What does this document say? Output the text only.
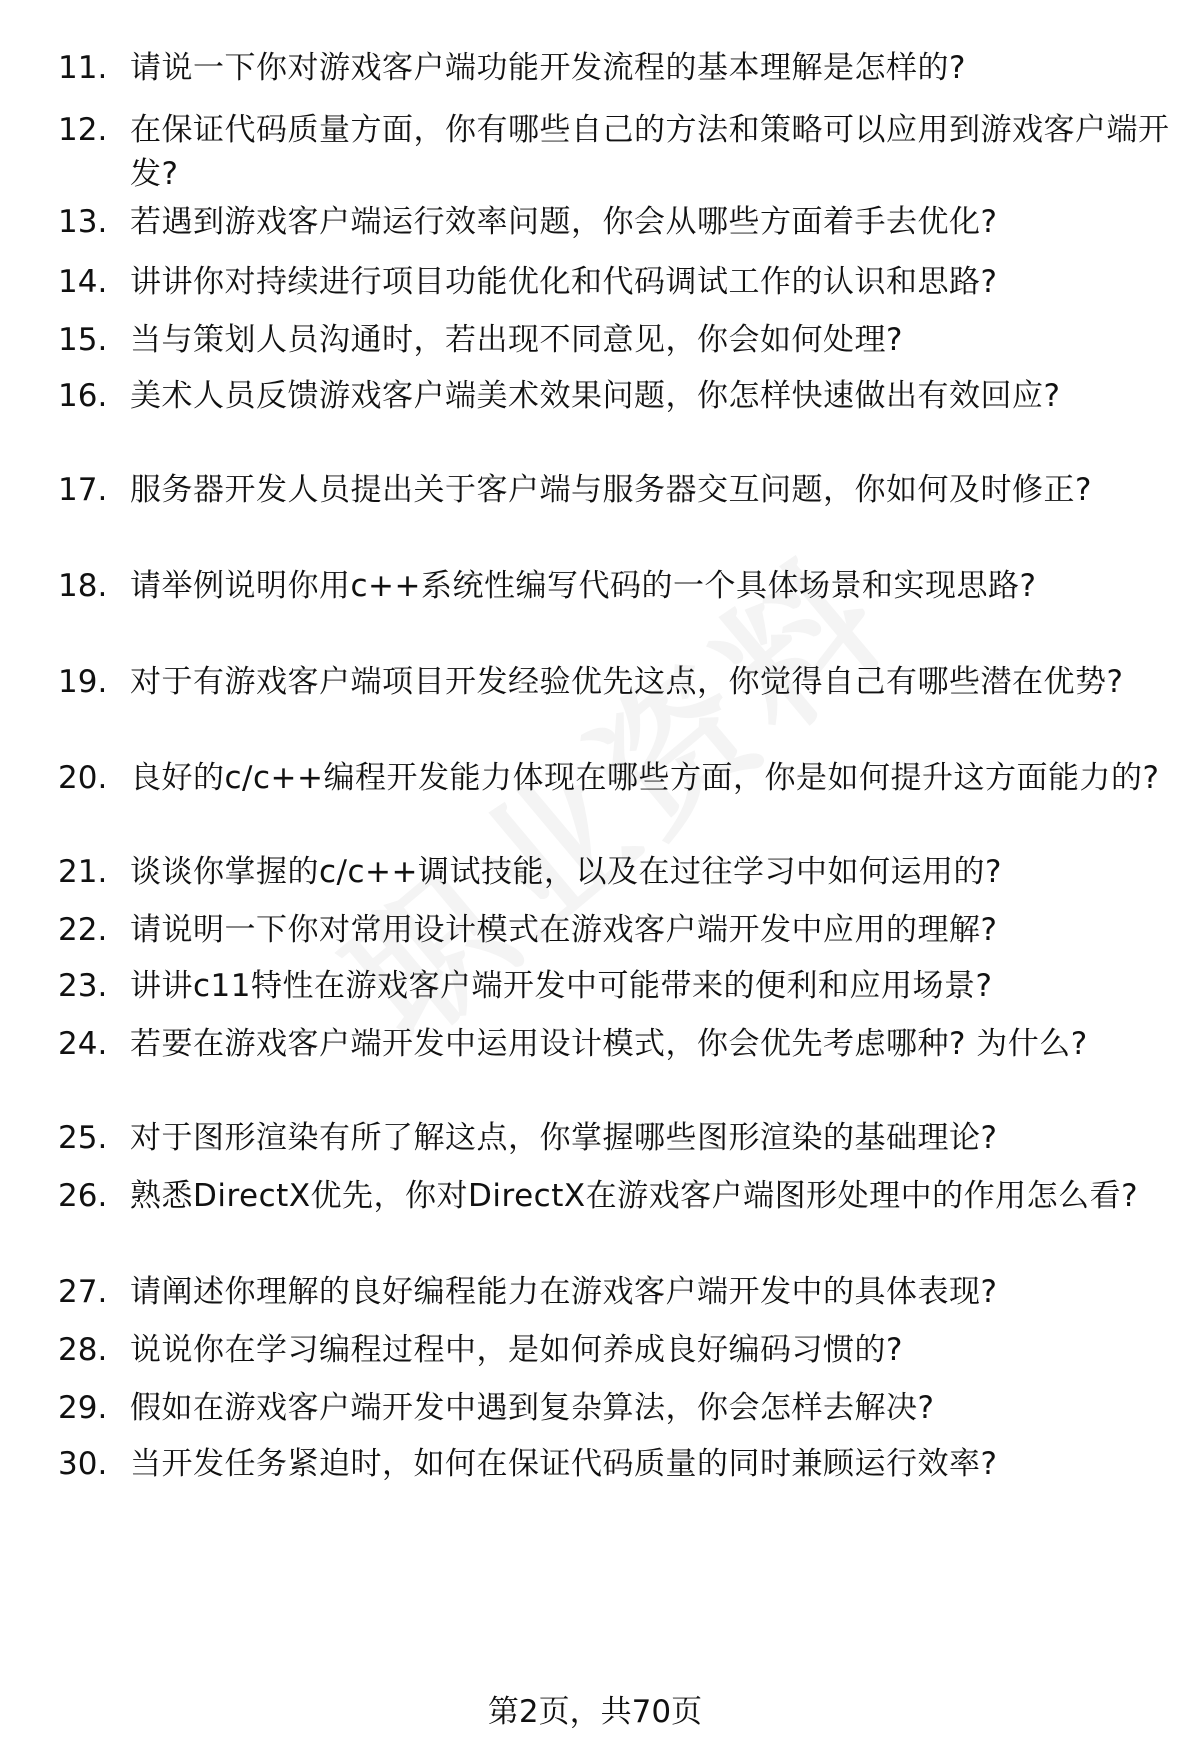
11. 请说一下你对游戏客户端功能开发流程的基本理解是怎样的?
12. 在保证代码质量方面，你有哪些自己的方法和策略可以应用到游戏客户端开发?
13. 若遇到游戏客户端运行效率问题，你会从哪些方面着手去优化?
14. 讲讲你对持续进行项目功能优化和代码调试工作的认识和思路?
15. 当与策划人员沟通时，若出现不同意见，你会如何处理?
16. 美术人员反馈游戏客户端美术效果问题，你怎样快速做出有效回应?
17. 服务器开发人员提出关于客户端与服务器交互问题，你如何及时修正?
18. 请举例说明你用c++系统性编写代码的一个具体场景和实现思路?
19. 对于有游戏客户端项目开发经验优先这点，你觉得自己有哪些潜在优势?
20. 良好的c/c++编程开发能力体现在哪些方面，你是如何提升这方面能力的?
21. 谈谈你掌握的c/c++调试技能，以及在过往学习中如何运用的?
22. 请说明一下你对常用设计模式在游戏客户端开发中应用的理解?
23. 讲讲c11特性在游戏客户端开发中可能带来的便利和应用场景?
24. 若要在游戏客户端开发中运用设计模式，你会优先考虑哪种? 为什么?
25. 对于图形渲染有所了解这点，你掌握哪些图形渲染的基础理论?
26. 熟悉DirectX优先，你对DirectX在游戏客户端图形处理中的作用怎么看?
27. 请阐述你理解的良好编程能力在游戏客户端开发中的具体表现?
28. 说说你在学习编程过程中，是如何养成良好编码习惯的?
29. 假如在游戏客户端开发中遇到复杂算法，你会怎样去解决?
30. 当开发任务紧迫时，如何在保证代码质量的同时兼顾运行效率?
第2页，共70页
